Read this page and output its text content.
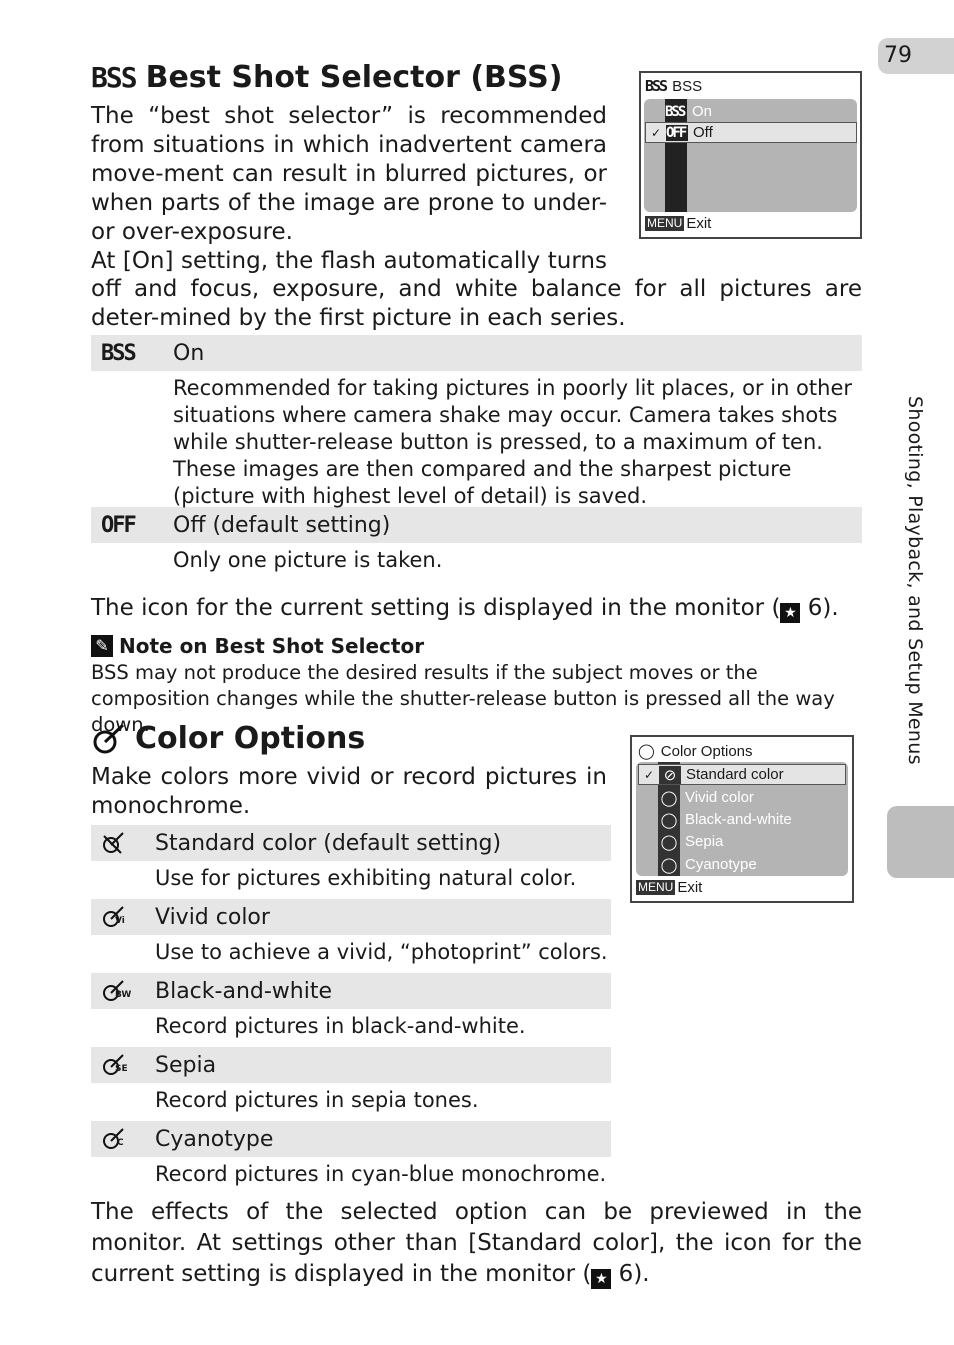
79
Shooting, Playback, and Setup Menus
BSS Best Shot Selector (BSS)

The “best shot selector” is recommended from situations in which inadvertent camera move-ment can result in blurred pictures, or when parts of the image are prone to under- or over-exposure.

At [On] setting, the flash automatically turns

off and focus, exposure, and white balance for all pictures are deter-mined by the first picture in each series.

BSS BSS
BSS On
✓ OFF Off
MENU Exit
BSS	On
Recommended for taking pictures in poorly lit places, or in other situations where camera shake may occur. Camera takes shots while shutter-release button is pressed, to a maximum of ten. These images are then compared and the sharpest picture (picture with highest level of detail) is saved.
OFF	Off (default setting)
Only one picture is taken.
The icon for the current setting is displayed in the monitor ( ★ 6).
✎ Note on Best Shot Selector

BSS may not produce the desired results if the subject moves or the composition changes while the shutter-release button is pressed all the way down.

Color Options

Make colors more vivid or record pictures in monochrome.

◯ Color Options
✓ ⊘ Standard color
◯ Vivid color
◯ Black-and-white
◯ Sepia
◯ Cyanotype
MENU Exit
Standard color (default setting)
Use for pictures exhibiting natural color.
Vi Vivid color
Use to achieve a vivid, “photoprint” colors.
BW Black-and-white
Record pictures in black-and-white.
SE Sepia
Record pictures in sepia tones.
C Cyanotype
Record pictures in cyan-blue monochrome.

The effects of the selected option can be previewed in the monitor. At settings other than [Standard color], the icon for the current setting is displayed in the monitor ( ★ 6).
